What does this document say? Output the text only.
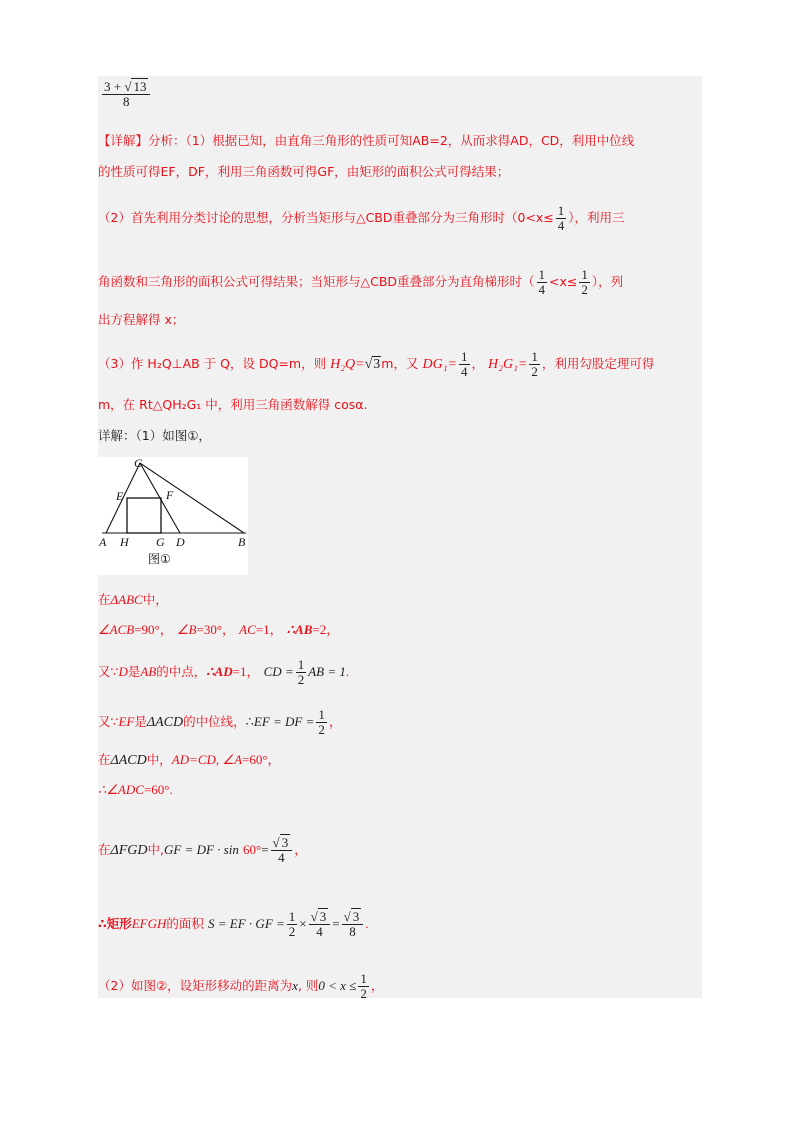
$\frac{3 + √ 13}{8}$
【详解】分析：（1）根据已知，由直角三角形的性质可知AB=2，从而求得AD，CD，利用中位线
的性质可得EF，DF，利用三角函数可得GF，由矩形的面积公式可得结果；
（2）首先利用分类讨论的思想，分析当矩形与△CBD重叠部分为三角形时（$0<x\le \frac{1}{4}$ ），利用三
角函数和三角形的面积公式可得结果；当矩形与△CBD重叠部分为直角梯形时（ $\frac{1}{4} <x\le \frac{1}{2}$ ），列
出方程解得 x；
（3）作 H₂Q⊥AB 于 Q，设 DQ=m，则 H₂Q=√3m，又 $DG_1= \frac{1}{4}$ ， $H_2G_1= \frac{1}{2}$ ，利用勾股定理可得
m，在 Rt△QH₂G₁ 中，利用三角函数解得 cosα.
详解：（1）如图①，
C
E	F
A H G D	B
图①
在ΔABC中，
∠ACB=90°， ∠B=30°， AC=1， ∴AB=2，
又∵D是AB的中点，∴AD=1， CD = $\frac{1}{2}$ AB = 1.
又∵EF是ΔACD的中位线，∴EF = DF = $\frac{1}{2}$ ，
在ΔACD中，AD=CD, ∠A=60°，
∴∠ADC=60°.
在ΔFGD中,GF = DF · $\sin 60^\circ= \frac{√ 3}{4}$ ，
∴矩形EFGH的面积 S = EF · GF = $\frac{1}{2} \times \frac{√ 3}{4} = \frac{√ 3}{8}$ .
（2）如图②，设矩形移动的距离为x, 则$0 < x \le \frac{1}{2}$ ，
